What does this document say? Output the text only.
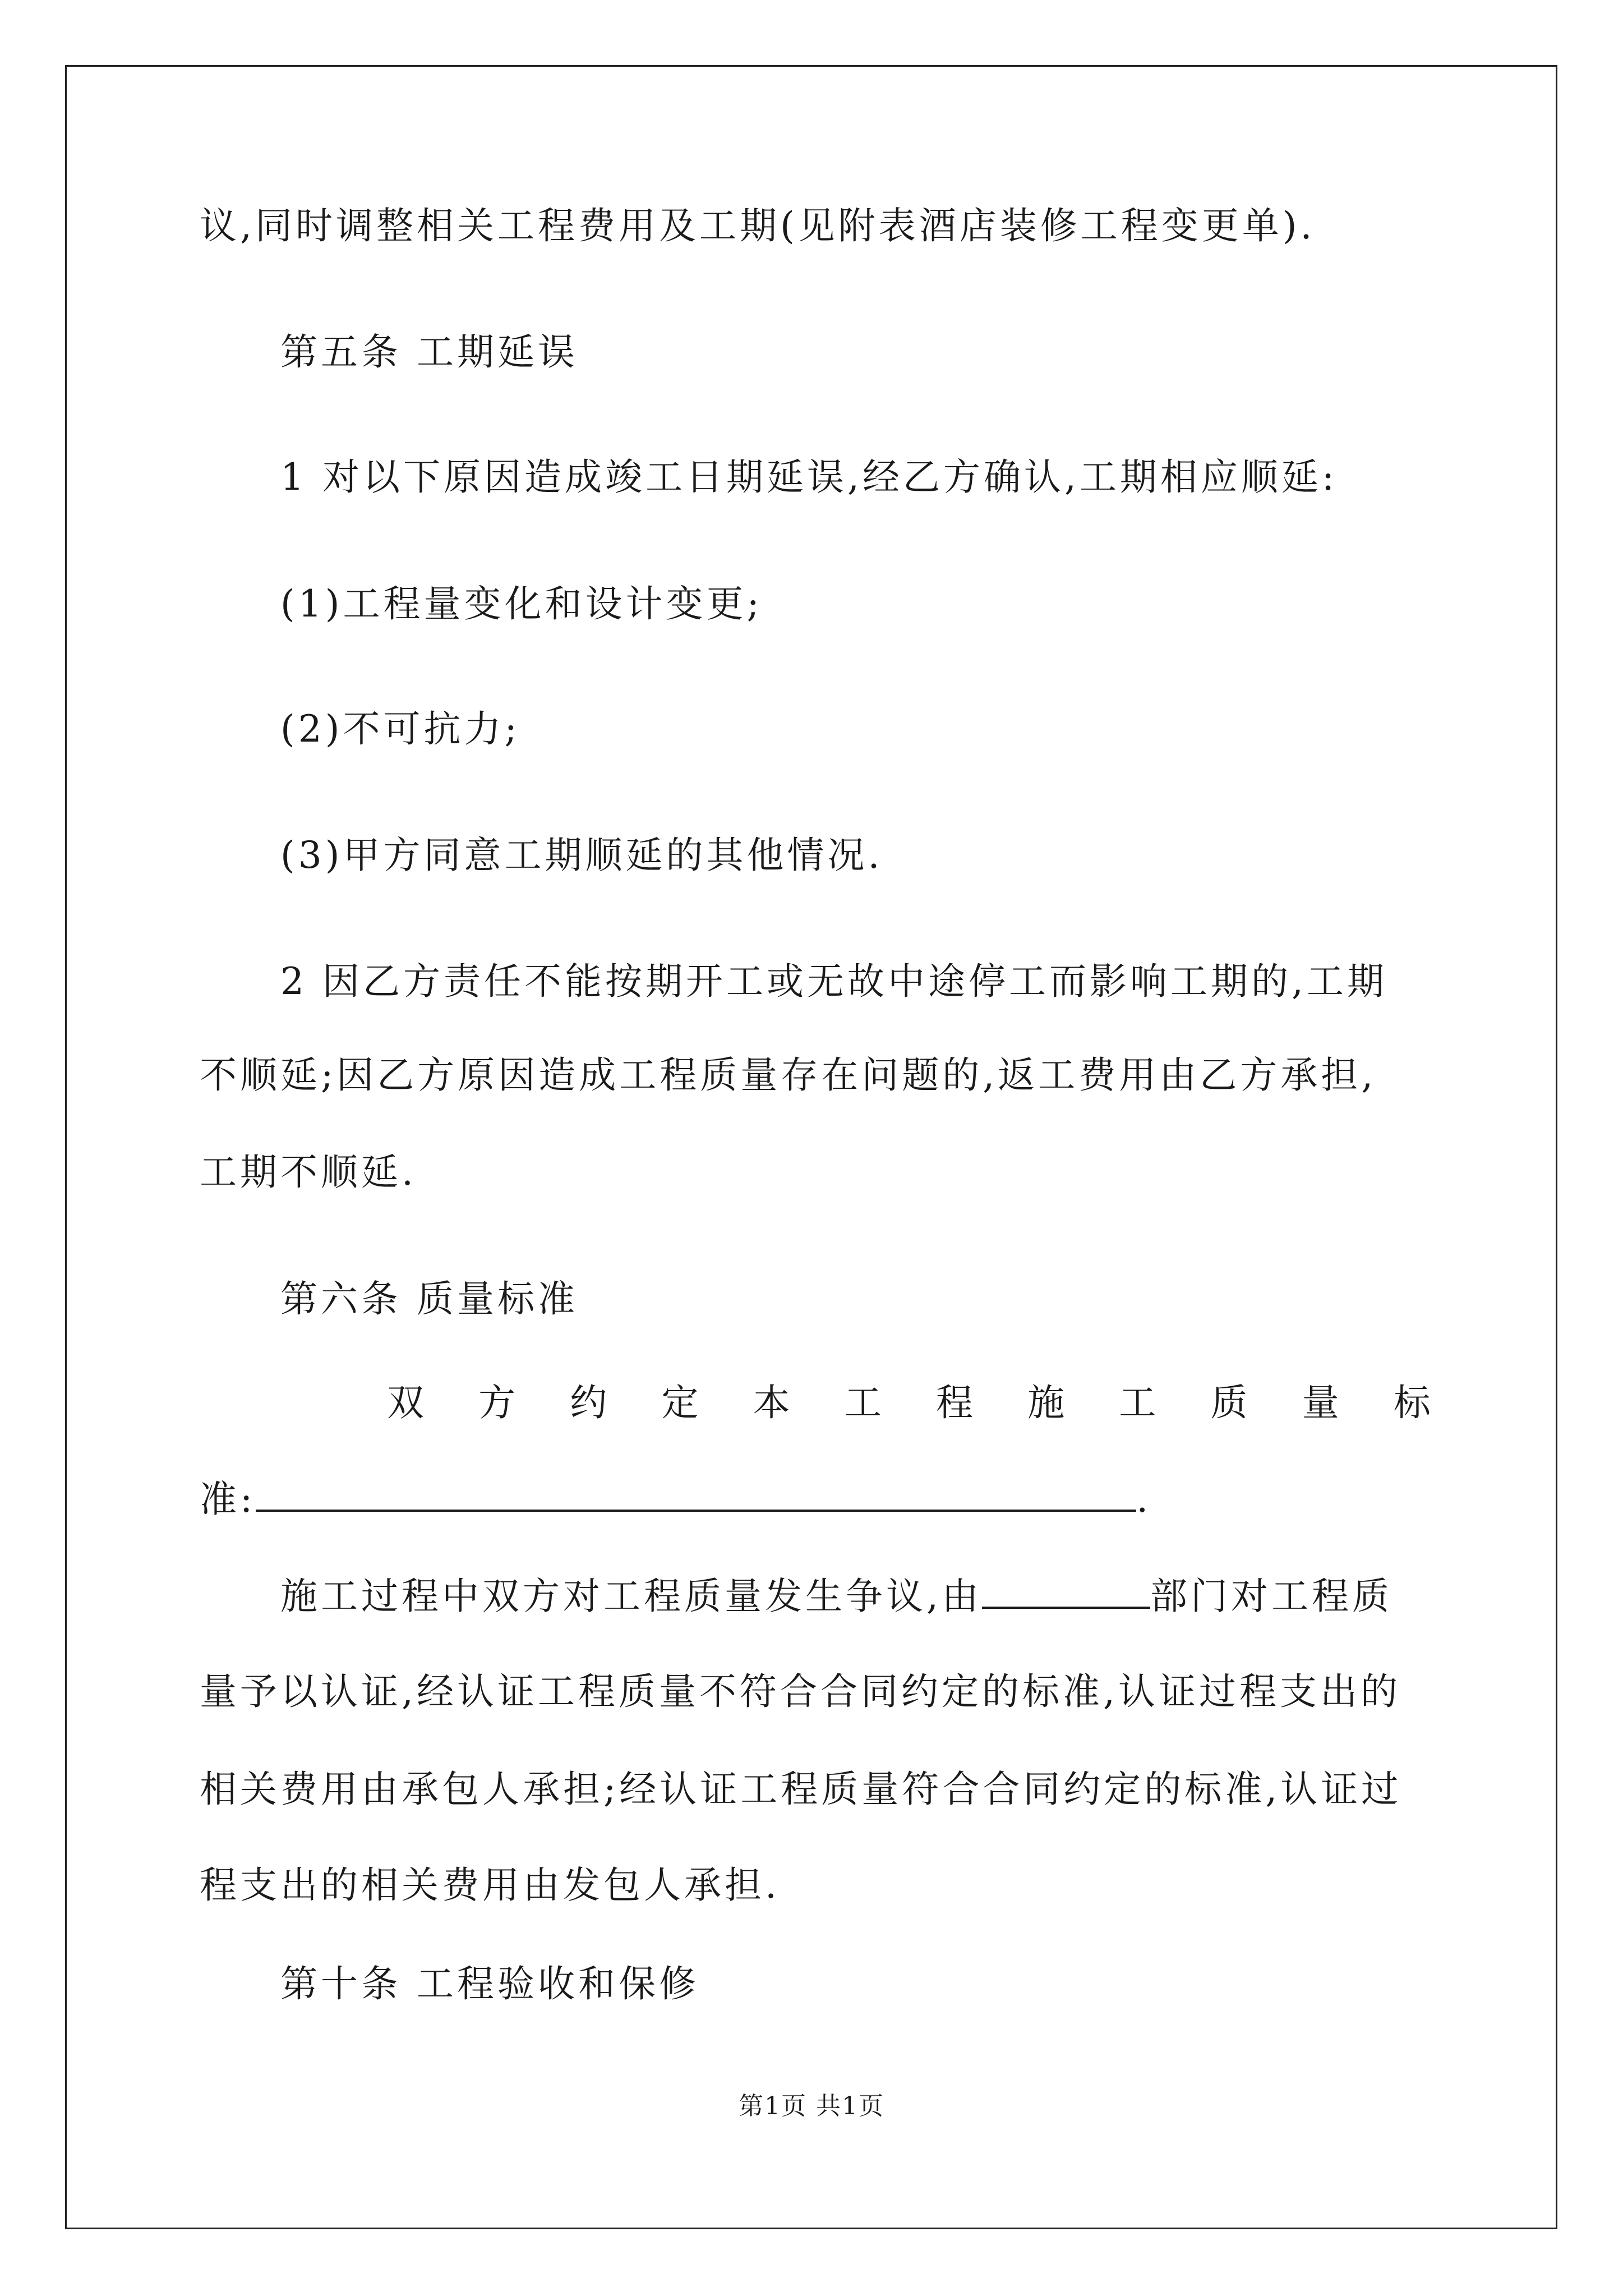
议,同时调整相关工程费用及工期(见附表酒店装修工程变更单).
第五条 工期延误
1 对以下原因造成竣工日期延误,经乙方确认,工期相应顺延:
(1)工程量变化和设计变更;
(2)不可抗力;
(3)甲方同意工期顺延的其他情况.
2 因乙方责任不能按期开工或无故中途停工而影响工期的,工期
不顺延;因乙方原因造成工程质量存在问题的,返工费用由乙方承担,
工期不顺延.
第六条 质量标准
双 方 约 定 本 工 程 施 工 质 量 标
准:	.
施工过程中双方对工程质量发生争议,由	部门对工程质
量予以认证,经认证工程质量不符合合同约定的标准,认证过程支出的
相关费用由承包人承担;经认证工程质量符合合同约定的标准,认证过
程支出的相关费用由发包人承担.
第十条 工程验收和保修
第1页 共1页
